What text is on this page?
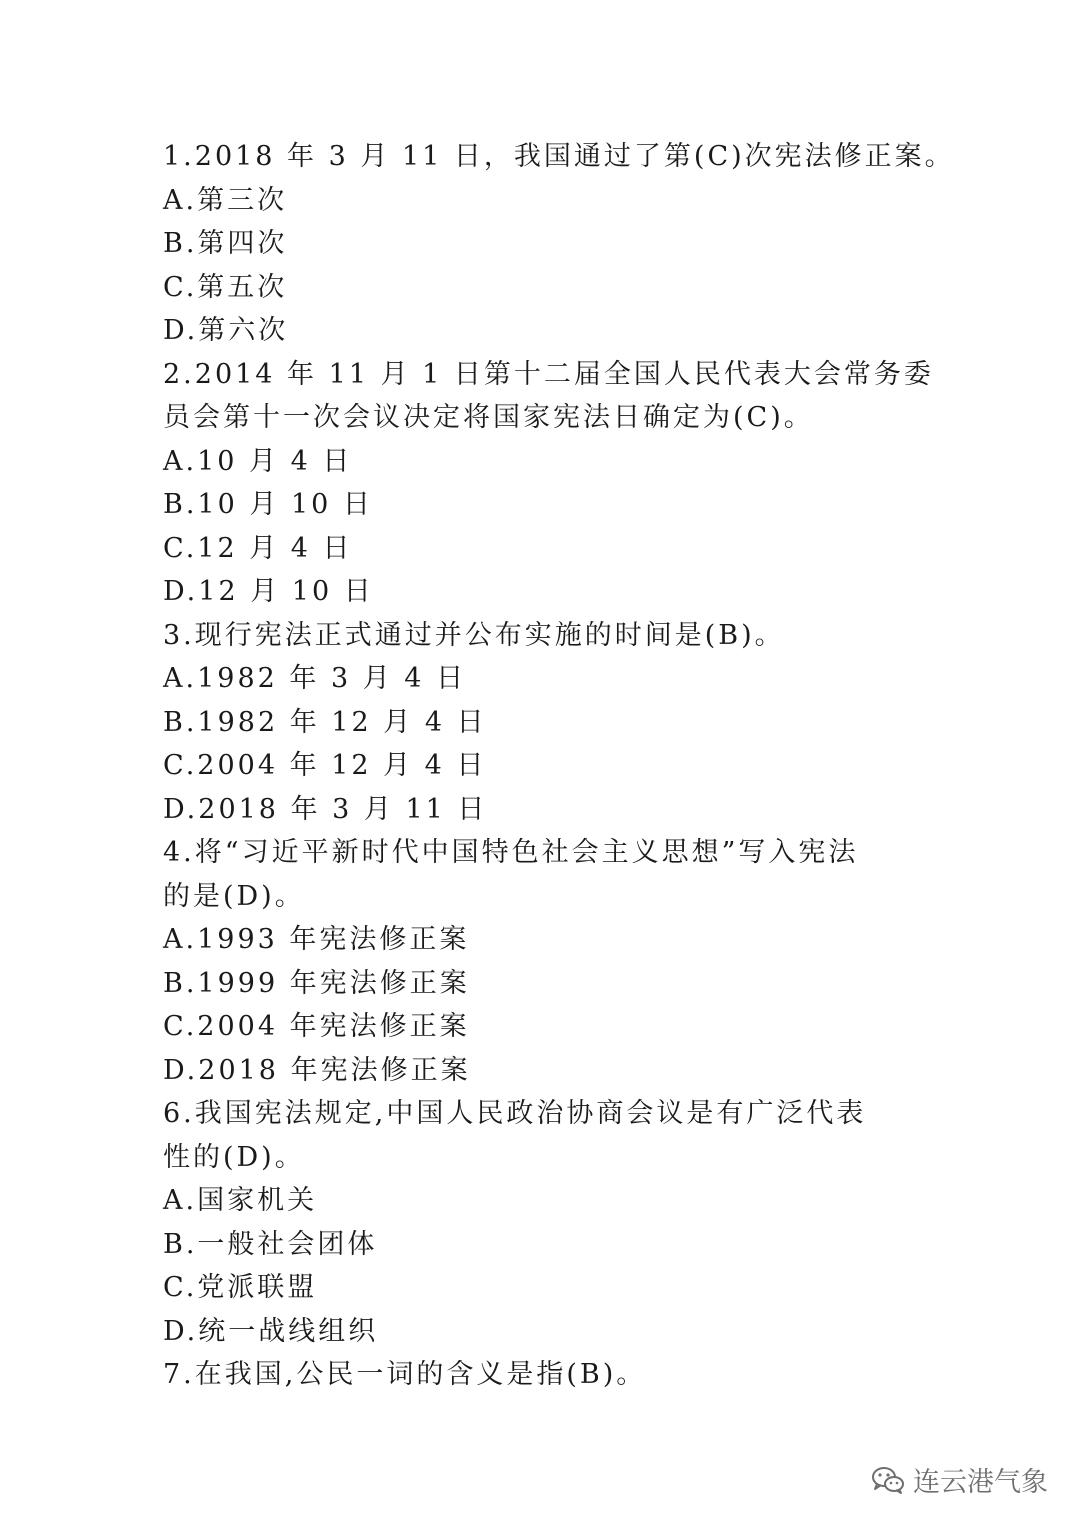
1.2018 年 3 月 11 日，我国通过了第(C)次宪法修正案。
A.第三次
B.第四次
C.第五次
D.第六次
2.2014 年 11 月 1 日第十二届全国人民代表大会常务委
员会第十一次会议决定将国家宪法日确定为(C)。
A.10 月 4 日
B.10 月 10 日
C.12 月 4 日
D.12 月 10 日
3.现行宪法正式通过并公布实施的时间是(B)。
A.1982 年 3 月 4 日
B.1982 年 12 月 4 日
C.2004 年 12 月 4 日
D.2018 年 3 月 11 日
4.将“习近平新时代中国特色社会主义思想”写入宪法
的是(D)。
A.1993 年宪法修正案
B.1999 年宪法修正案
C.2004 年宪法修正案
D.2018 年宪法修正案
6.我国宪法规定,中国人民政治协商会议是有广泛代表
性的(D)。
A.国家机关
B.一般社会团体
C.党派联盟
D.统一战线组织
7.在我国,公民一词的含义是指(B)。
连云港气象
